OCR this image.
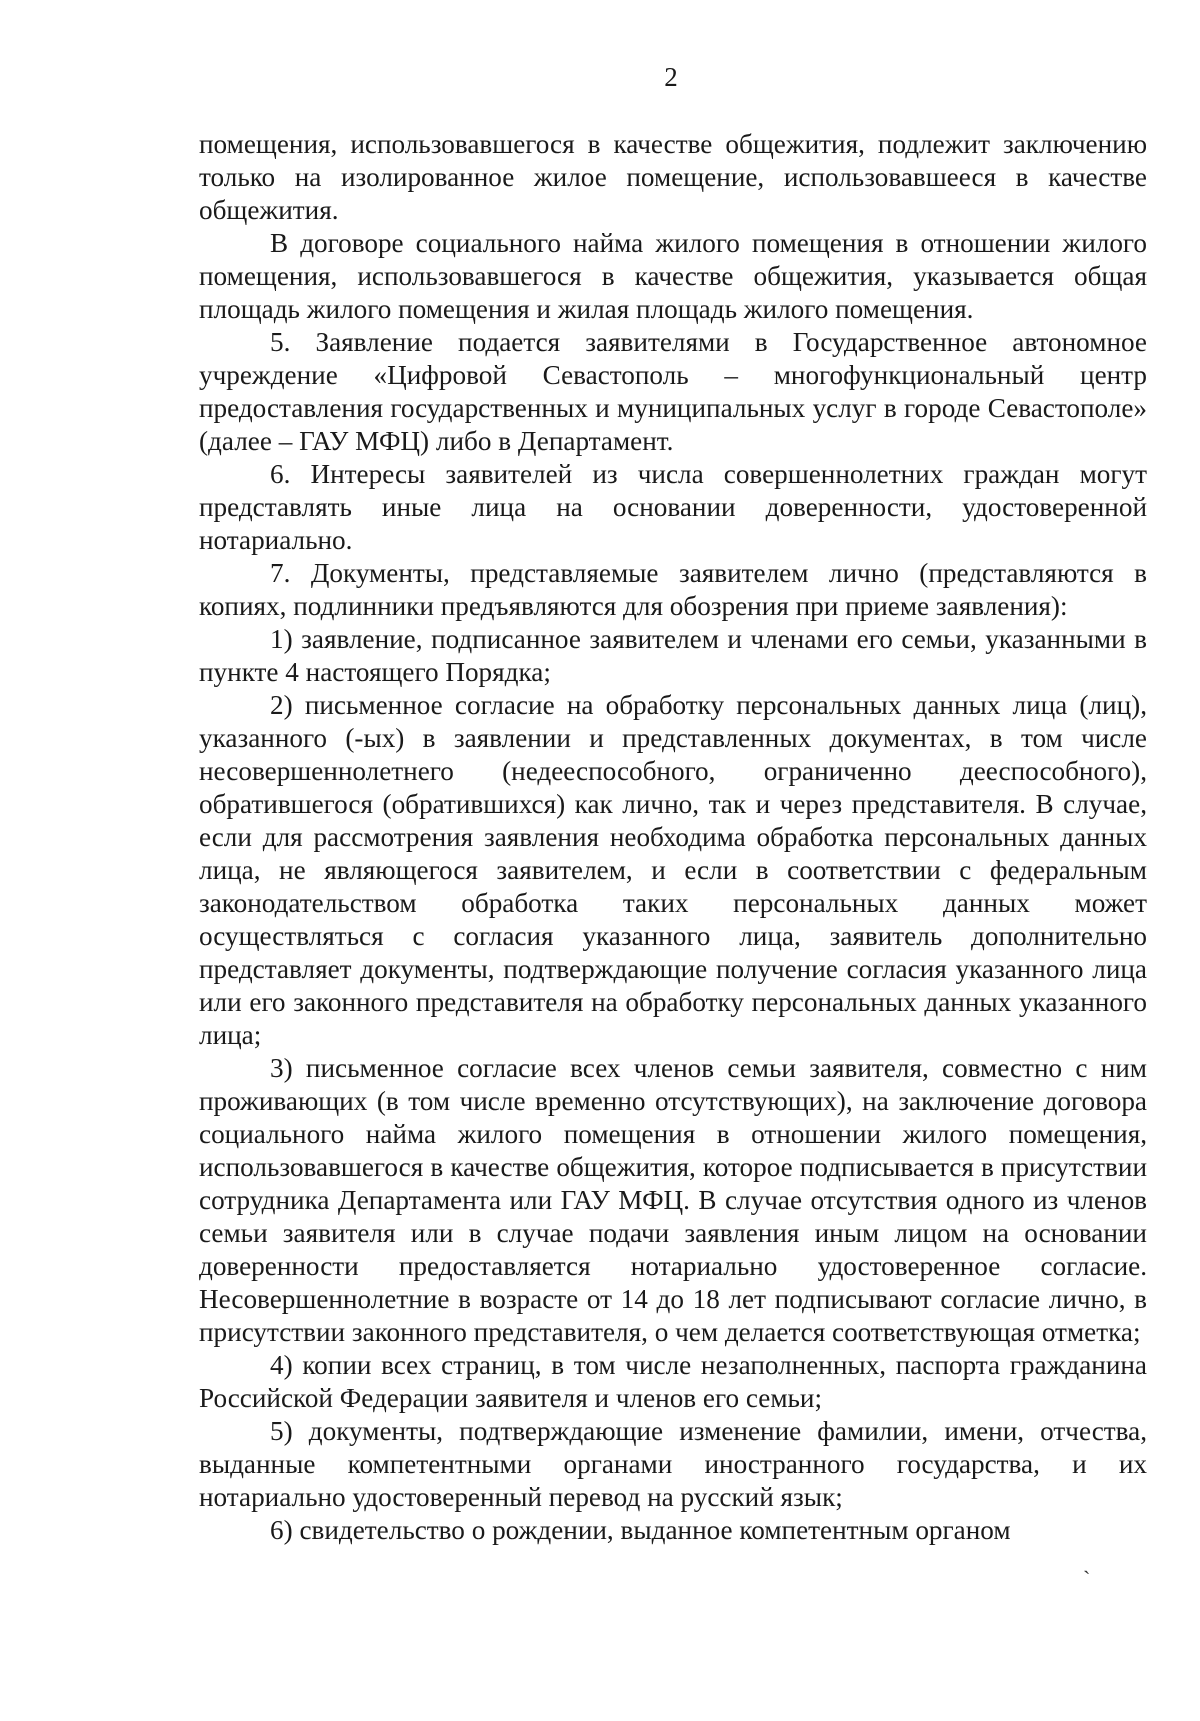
2

помещения, использовавшегося в качестве общежития, подлежит заключению только на изолированное жилое помещение, использовавшееся в качестве общежития.

В договоре социального найма жилого помещения в отношении жилого помещения, использовавшегося в качестве общежития, указывается общая площадь жилого помещения и жилая площадь жилого помещения.

5. Заявление подается заявителями в Государственное автономное учреждение «Цифровой Севастополь – многофункциональный центр предоставления государственных и муниципальных услуг в городе Севастополе» (далее – ГАУ МФЦ) либо в Департамент.

6. Интересы заявителей из числа совершеннолетних граждан могут представлять иные лица на основании доверенности, удостоверенной нотариально.

7. Документы, представляемые заявителем лично (представляются в копиях, подлинники предъявляются для обозрения при приеме заявления):

1) заявление, подписанное заявителем и членами его семьи, указанными в пункте 4 настоящего Порядка;

2) письменное согласие на обработку персональных данных лица (лиц), указанного (-ых) в заявлении и представленных документах, в том числе несовершеннолетнего (недееспособного, ограниченно дееспособного), обратившегося (обратившихся) как лично, так и через представителя. В случае, если для рассмотрения заявления необходима обработка персональных данных лица, не являющегося заявителем, и если в соответствии с федеральным законодательством обработка таких персональных данных может осуществляться с согласия указанного лица, заявитель дополнительно представляет документы, подтверждающие получение согласия указанного лица или его законного представителя на обработку персональных данных указанного лица;

3) письменное согласие всех членов семьи заявителя, совместно с ним проживающих (в том числе временно отсутствующих), на заключение договора социального найма жилого помещения в отношении жилого помещения, использовавшегося в качестве общежития, которое подписывается в присутствии сотрудника Департамента или ГАУ МФЦ. В случае отсутствия одного из членов семьи заявителя или в случае подачи заявления иным лицом на основании доверенности предоставляется нотариально удостоверенное согласие. Несовершеннолетние в возрасте от 14 до 18 лет подписывают согласие лично, в присутствии законного представителя, о чем делается соответствующая отметка;

4) копии всех страниц, в том числе незаполненных, паспорта гражданина Российской Федерации заявителя и членов его семьи;

5) документы, подтверждающие изменение фамилии, имени, отчества, выданные компетентными органами иностранного государства, и их нотариально удостоверенный перевод на русский язык;

6) свидетельство о рождении, выданное компетентным органом

`
